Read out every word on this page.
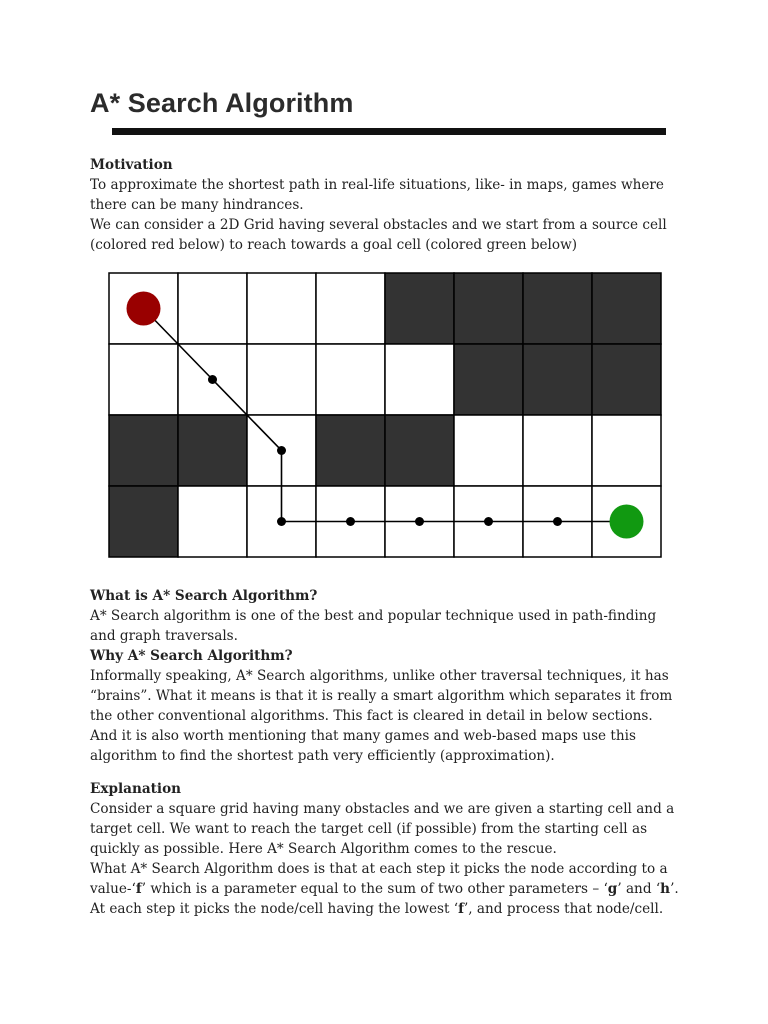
A* Search Algorithm

Motivation

To approximate the shortest path in real-life situations, like- in maps, games where

there can be many hindrances.

We can consider a 2D Grid having several obstacles and we start from a source cell

(colored red below) to reach towards a goal cell (colored green below)

What is A* Search Algorithm?

A* Search algorithm is one of the best and popular technique used in path-finding

and graph traversals.

Why A* Search Algorithm?

Informally speaking, A* Search algorithms, unlike other traversal techniques, it has

“brains”. What it means is that it is really a smart algorithm which separates it from

the other conventional algorithms. This fact is cleared in detail in below sections.

And it is also worth mentioning that many games and web-based maps use this

algorithm to find the shortest path very efficiently (approximation).

Explanation

Consider a square grid having many obstacles and we are given a starting cell and a

target cell. We want to reach the target cell (if possible) from the starting cell as

quickly as possible. Here A* Search Algorithm comes to the rescue.

What A* Search Algorithm does is that at each step it picks the node according to a

value-‘f’ which is a parameter equal to the sum of two other parameters – ‘g’ and ‘h’.

At each step it picks the node/cell having the lowest ‘f’, and process that node/cell.
